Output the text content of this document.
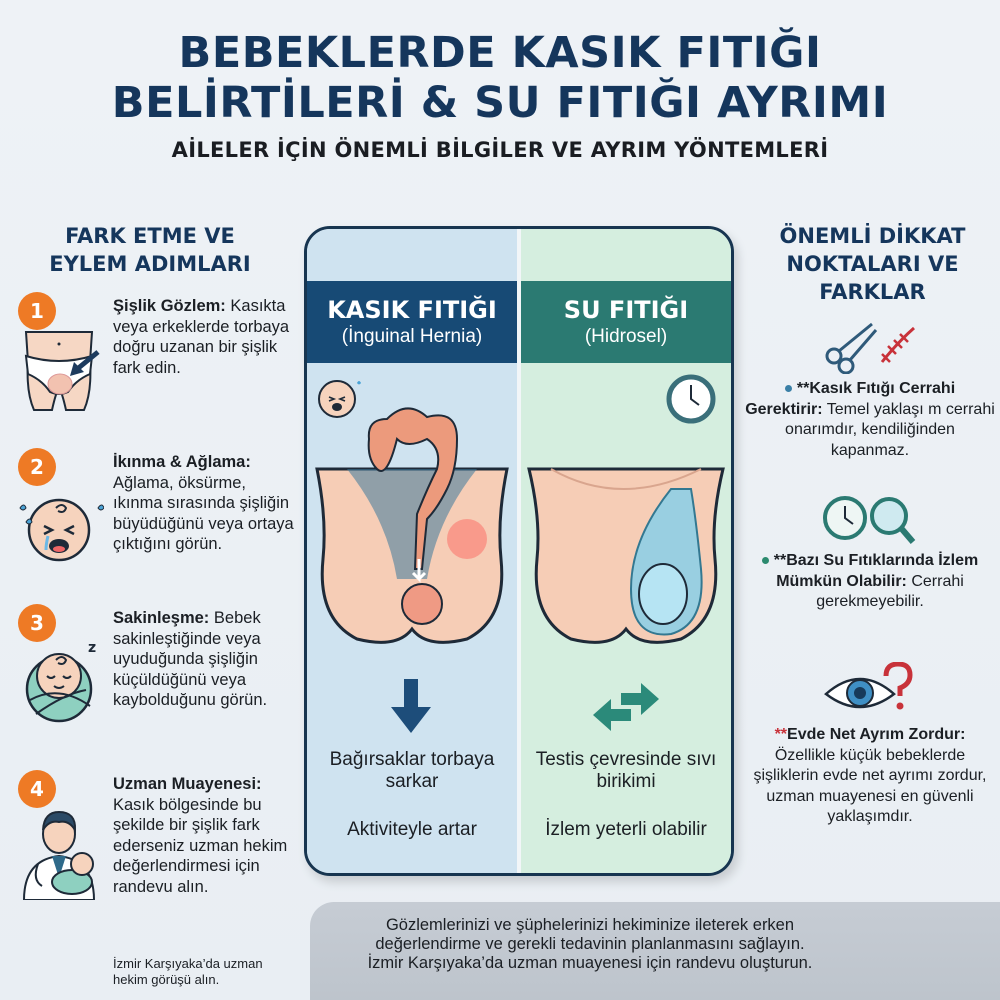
BEBEKLERDE KASIK FITIĞI
BELİRTİLERİ & SU FITIĞI AYRIMI
AİLELER İÇİN ÖNEMLİ BİLGİLER VE AYRIM YÖNTEMLERİ
FARK ETME VE
EYLEM ADIMLARI
1	Şişlik Gözlem: Kasıkta veya erkeklerde torbaya doğru uzanan bir şişlik fark edin.
2	İkınma & Ağlama: Ağlama, öksürme, ıkınma sırasında şişliğin büyüdüğünü veya ortaya çıktığını görün.
3
z
Sakinleşme: Bebek sakinleştiğinde veya uyuduğunda şişliğin küçüldüğünü veya kaybolduğunu görün.
4	Uzman Muayenesi: Kasık bölgesinde bu şekilde bir şişlik fark ederseniz uzman hekim değerlendirmesi için randevu alın.
İzmir Karşıyaka’da uzman hekim görüşü alın.
KASIK FITIĞI
(İnguinal Hernia)
Bağırsaklar torbaya sarkar
Aktiviteyle artar
SU FITIĞI
(Hidrosel)
Testis çevresinde sıvı birikimi
İzlem yeterli olabilir
ÖNEMLİ DİKKAT
NOKTALARI VE
FARKLAR
**Kasık Fıtığı Cerrahi Gerektirir: Temel yaklaşı m cerrahi onarımdır, kendiliğinden kapanmaz.
**Bazı Su Fıtıklarında İzlem Mümkün Olabilir: Cerrahi gerekmeyebilir.
**Evde Net Ayrım Zordur: Özellikle küçük bebeklerde şişliklerin evde net ayrımı zordur, uzman muayenesi en güvenli yaklaşımdır.
Gözlemlerinizi ve şüphelerinizi hekiminize ileterek erken
değerlendirme ve gerekli tedavinin planlanmasını sağlayın.
İzmir Karşıyaka’da uzman muayenesi için randevu oluşturun.
